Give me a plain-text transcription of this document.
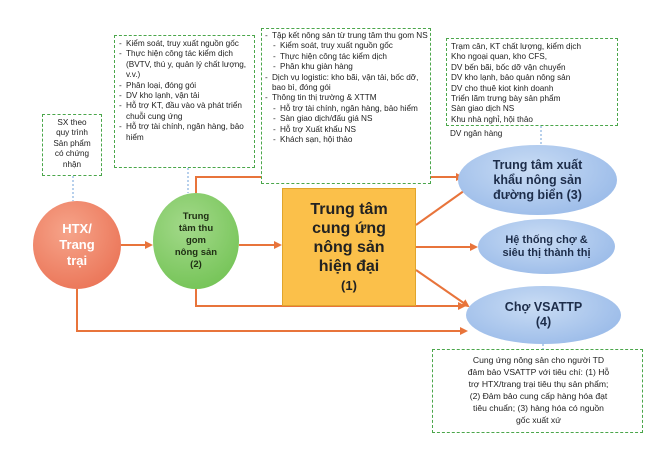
SX theo
quy trình
Sản phẩm
có chứng
nhận
- Kiểm soát, truy xuất nguồn gốc
- Thực hiện công tác kiểm dịch (BVTV, thú y, quản lý chất lượng, v.v.)
- Phân loại, đóng gói
- DV kho lạnh, vận tải
- Hỗ trợ KT, đầu vào và phát triển chuỗi cung ứng
- Hỗ trợ tài chính, ngân hàng, bảo hiểm
- Tập kết nông sản từ trung tâm thu gom NS
- Kiểm soát, truy xuất nguồn gốc
- Thực hiện công tác kiểm dịch
- Phân khu giàn hàng
- Dịch vụ logistic: kho bãi, vận tải, bốc dỡ, bao bì, đóng gói
- Thông tin thị trường & XTTM
- Hỗ trợ tài chính, ngân hàng, bảo hiểm
- Sàn giao dịch/đấu giá NS
- Hỗ trợ Xuất khẩu NS
- Khách sạn, hội thảo
Trạm cân, KT chất lượng, kiểm dịch
Kho ngoại quan, kho CFS,
DV bến bãi, bốc dỡ vận chuyển
DV kho lạnh, bảo quản nông sản
DV cho thuê kiot kinh doanh
Triển lãm trưng bày sản phẩm
Sàn giao dịch NS
Khu nhà nghỉ, hội thảo
DV ngân hàng
Cung ứng nông sản cho người TD
đảm bảo VSATTP với tiêu chí: (1) Hỗ
trợ HTX/trang trại tiêu thụ sản phẩm;
(2) Đảm bảo cung cấp hàng hóa đạt
tiêu chuẩn; (3) hàng hóa có nguồn
gốc xuất xứ
HTX/
Trang
trại
Trung
tâm thu
gom
nông sản
(2)
Trung tâm
cung ứng
nông sản
hiện đại
(1)
Trung tâm xuất
khẩu nông sản
đường biển (3)
Hệ thống chợ &
siêu thị thành thị
Chợ VSATTP
(4)
